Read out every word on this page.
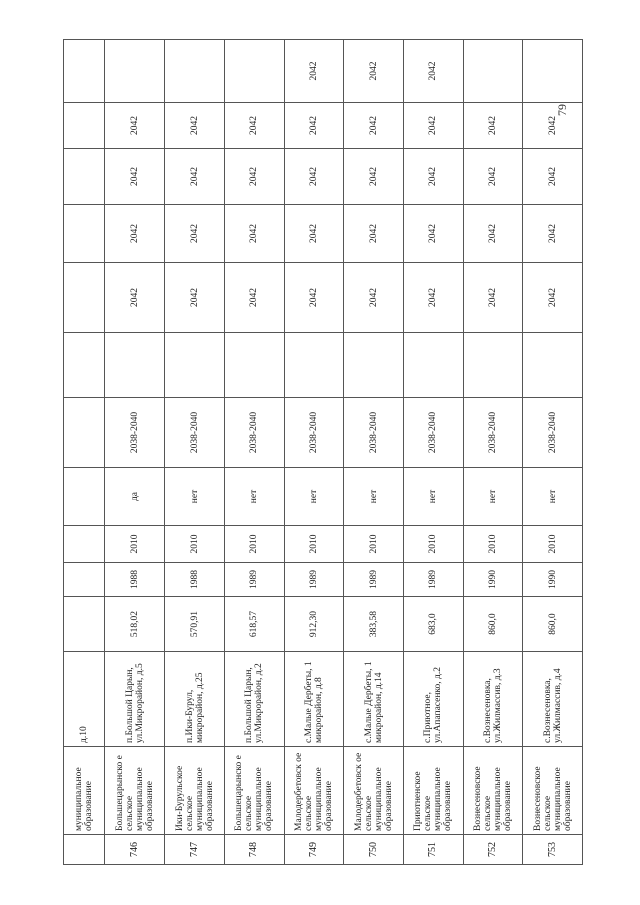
	муниципальное образование	д.10											
746	Большецарынско е сельское муниципальное образование	п.Большой Царын, ул.Микрорайон, д.5	518,02	1988	2010	да	2038-2040		2042	2042	2042	2042	
747	Ики-Бурульское сельское муниципальное образование	п.Ики-Бурул, микрорайон, д.25	570,91	1988	2010	нет	2038-2040		2042	2042	2042	2042	
748	Большецарынско е сельское муниципальное образование	п.Большой Царын, ул.Микрорайон, д.2	618,57	1989	2010	нет	2038-2040		2042	2042	2042	2042	
749	Малодербетовск ое сельское муниципальное образование	с.Малые Дербеты, 1 микрорайон, д.8	912,30	1989	2010	нет	2038-2040		2042	2042	2042	2042	2042
750	Малодербетовск ое сельское муниципальное образование	с.Малые Дербеты, 1 микрорайон, д.14	383,58	1989	2010	нет	2038-2040		2042	2042	2042	2042	2042
751	Приютненское сельское муниципальное образование	с.Приютное, ул.Апапасенко, д.2	683,0	1989	2010	нет	2038-2040		2042	2042	2042	2042	2042
752	Вознесеновское сельское муниципальное образование	с.Вознесеновка, ул.Жилмассив, д.3	860,0	1990	2010	нет	2038-2040		2042	2042	2042	2042	
753	Вознесеновское сельское муниципальное образование	с.Вознесеновка, ул.Жилмассив, д.4	860,0	1990	2010	нет	2038-2040		2042	2042	2042	2042	
79
